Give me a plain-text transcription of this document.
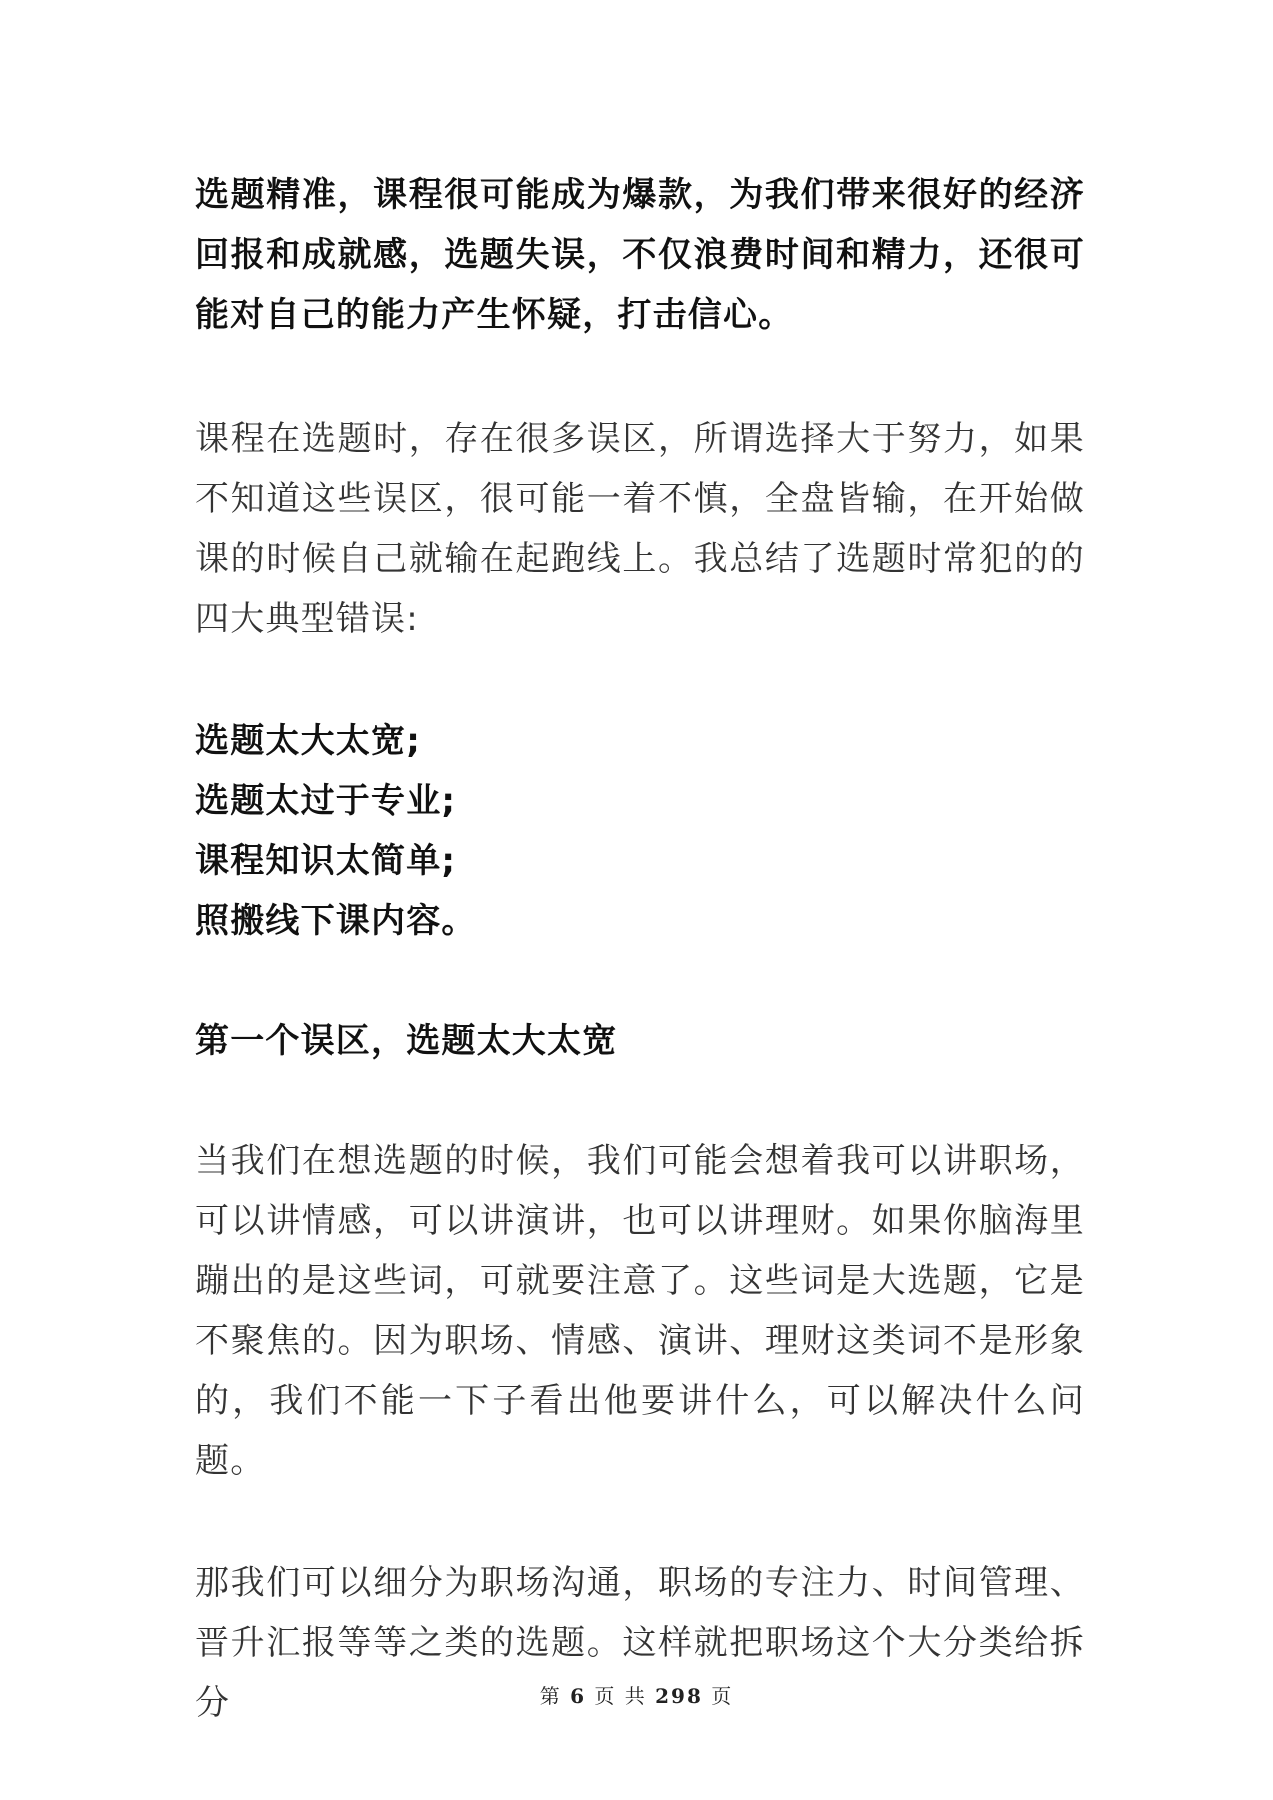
选题精准，课程很可能成为爆款，为我们带来很好的经济回报和成就感，选题失误，不仅浪费时间和精力，还很可能对自己的能力产生怀疑，打击信心。

课程在选题时，存在很多误区，所谓选择大于努力，如果不知道这些误区，很可能一着不慎，全盘皆输，在开始做课的时候自己就输在起跑线上。我总结了选题时常犯的的四大典型错误:

选题太大太宽;

选题太过于专业;

课程知识太简单;

照搬线下课内容。

第一个误区，选题太大太宽

当我们在想选题的时候，我们可能会想着我可以讲职场，可以讲情感，可以讲演讲，也可以讲理财。如果你脑海里蹦出的是这些词，可就要注意了。这些词是大选题，它是不聚焦的。因为职场、情感、演讲、理财这类词不是形象的，我们不能一下子看出他要讲什么，可以解决什么问题。

那我们可以细分为职场沟通，职场的专注力、时间管理、晋升汇报等等之类的选题。这样就把职场这个大分类给拆分	第 6 页 共 298 页
